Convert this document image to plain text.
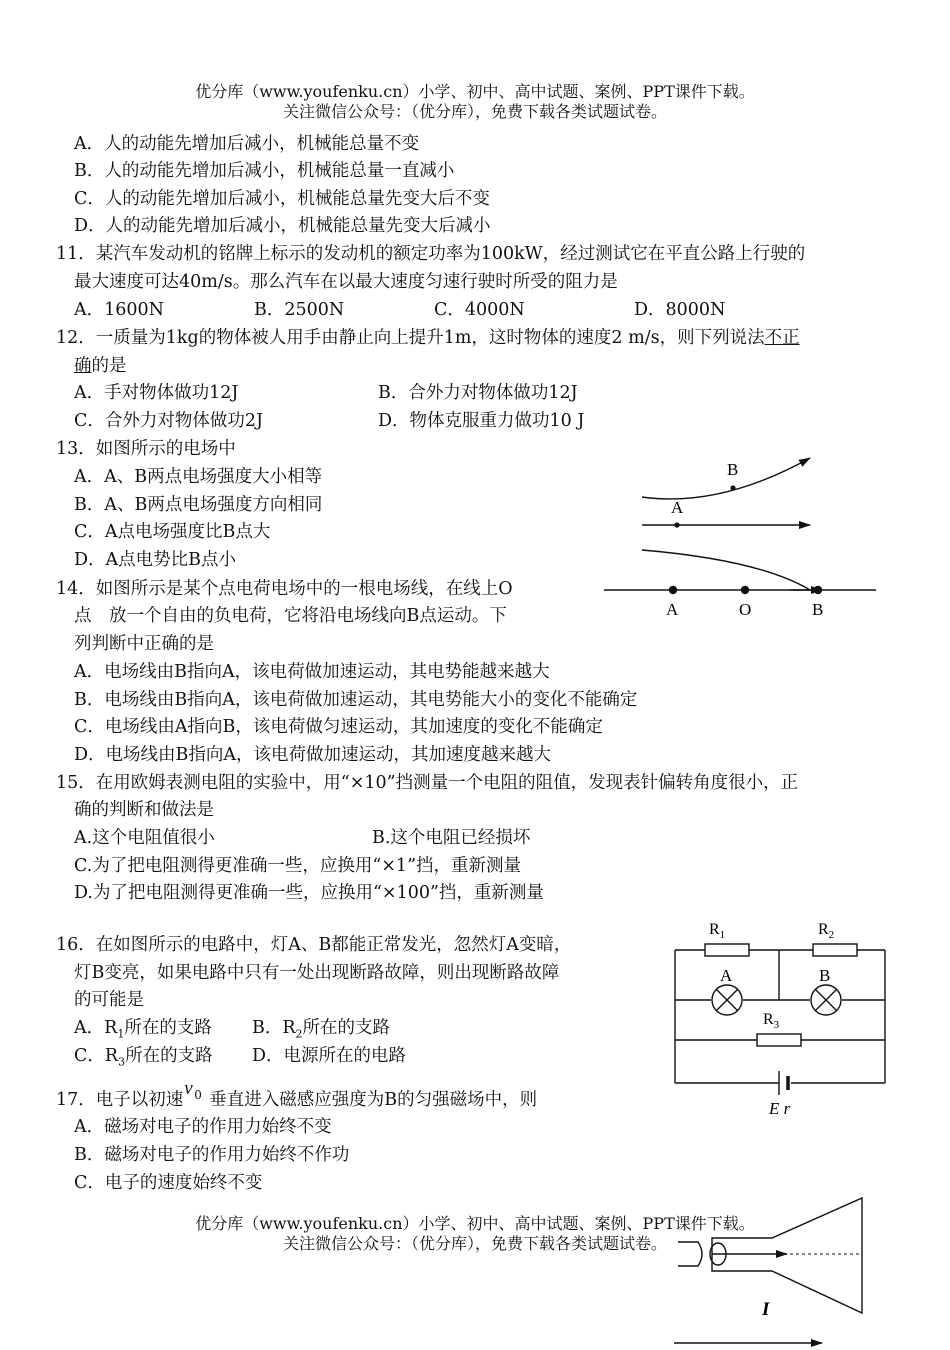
优分库（www.youfenku.cn）小学、初中、高中试题、案例、PPT课件下载。
关注微信公众号：（优分库），免费下载各类试题试卷。
A．人的动能先增加后减小，机械能总量不变
B．人的动能先增加后减小，机械能总量一直减小
C．人的动能先增加后减小，机械能总量先变大后不变
D．人的动能先增加后减小，机械能总量先变大后减小
11．某汽车发动机的铭牌上标示的发动机的额定功率为100kW，经过测试它在平直公路上行驶的
最大速度可达40m/s。那么汽车在以最大速度匀速行驶时所受的阻力是
A．1600N	B．2500N	C．4000N	D．8000N
12．一质量为1kg的物体被人用手由静止向上提升1m，这时物体的速度2 m/s，则下列说法不正
确的是
A．手对物体做功12J	B．合外力对物体做功12J
C．合外力对物体做功2J	D．物体克服重力做功10 J
13．如图所示的电场中
A．A、B两点电场强度大小相等
B．A、B两点电场强度方向相同
C．A点电场强度比B点大
D．A点电势比B点小
B
A
14．如图所示是某个点电荷电场中的一根电场线，在线上O
点　放一个自由的负电荷，它将沿电场线向B点运动。下
列判断中正确的是
A．电场线由B指向A，该电荷做加速运动，其电势能越来越大
B．电场线由B指向A，该电荷做加速运动，其电势能大小的变化不能确定
C．电场线由A指向B，该电荷做匀速运动，其加速度的变化不能确定
D．电场线由B指向A，该电荷做加速运动，其加速度越来越大
A	O	B
15．在用欧姆表测电阻的实验中，用“×10”挡测量一个电阻的阻值，发现表针偏转角度很小，正
确的判断和做法是
A.这个电阻值很小	B.这个电阻已经损坏
C.为了把电阻测得更准确一些，应换用“×1”挡，重新测量
D.为了把电阻测得更准确一些，应换用“×100”挡，重新测量
16．在如图所示的电路中，灯A、B都能正常发光，忽然灯A变暗，
灯B变亮，如果电路中只有一处出现断路故障，则出现断路故障
的可能是
A．$R_1$所在的支路 B．$R_2$所在的支路
C．$R_3$所在的支路 D．电源所在的电路
$R_1$	$R_2$
$R_3$
A	B
E r
17．电子以初速
v 0 垂直进入磁感应强度为B的匀强磁场中，则
A．磁场对电子的作用力始终不变
B．磁场对电子的作用力始终不作功
C．电子的速度始终不变
优分库（www.youfenku.cn）小学、初中、高中试题、案例、PPT课件下载。
关注微信公众号：（优分库），免费下载各类试题试卷。
I
